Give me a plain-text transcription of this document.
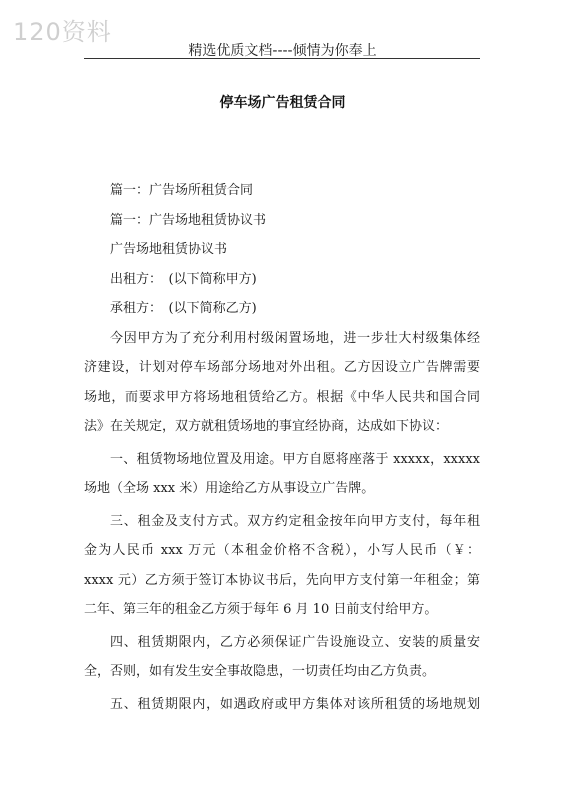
120资料
精选优质文档----倾情为你奉上
停车场广告租赁合同
篇一：广告场所租赁合同
篇一：广告场地租赁协议书
广告场地租赁协议书
出租方：　(以下简称甲方)
承租方：　(以下简称乙方)
今因甲方为了充分利用村级闲置场地，进一步壮大村级集体经
济建设，计划对停车场部分场地对外出租。乙方因设立广告牌需要
场地，而要求甲方将场地租赁给乙方。根据《中华人民共和国合同
法》在关规定，双方就租赁场地的事宜经协商，达成如下协议：
一、租赁物场地位置及用途。甲方自愿将座落于 xxxxx，xxxxx
场地（全场 xxx 米）用途给乙方从事设立广告牌。
三、租金及支付方式。双方约定租金按年向甲方支付，每年租
金为人民币 xxx 万元（本租金价格不含税），小写人民币（￥：
xxxx 元）乙方须于签订本协议书后，先向甲方支付第一年租金；第
二年、第三年的租金乙方须于每年 6 月 10 日前支付给甲方。
四、租赁期限内，乙方必须保证广告设施设立、安装的质量安
全，否则，如有发生安全事故隐患，一切责任均由乙方负责。
五、租赁期限内，如遇政府或甲方集体对该所租赁的场地规划
